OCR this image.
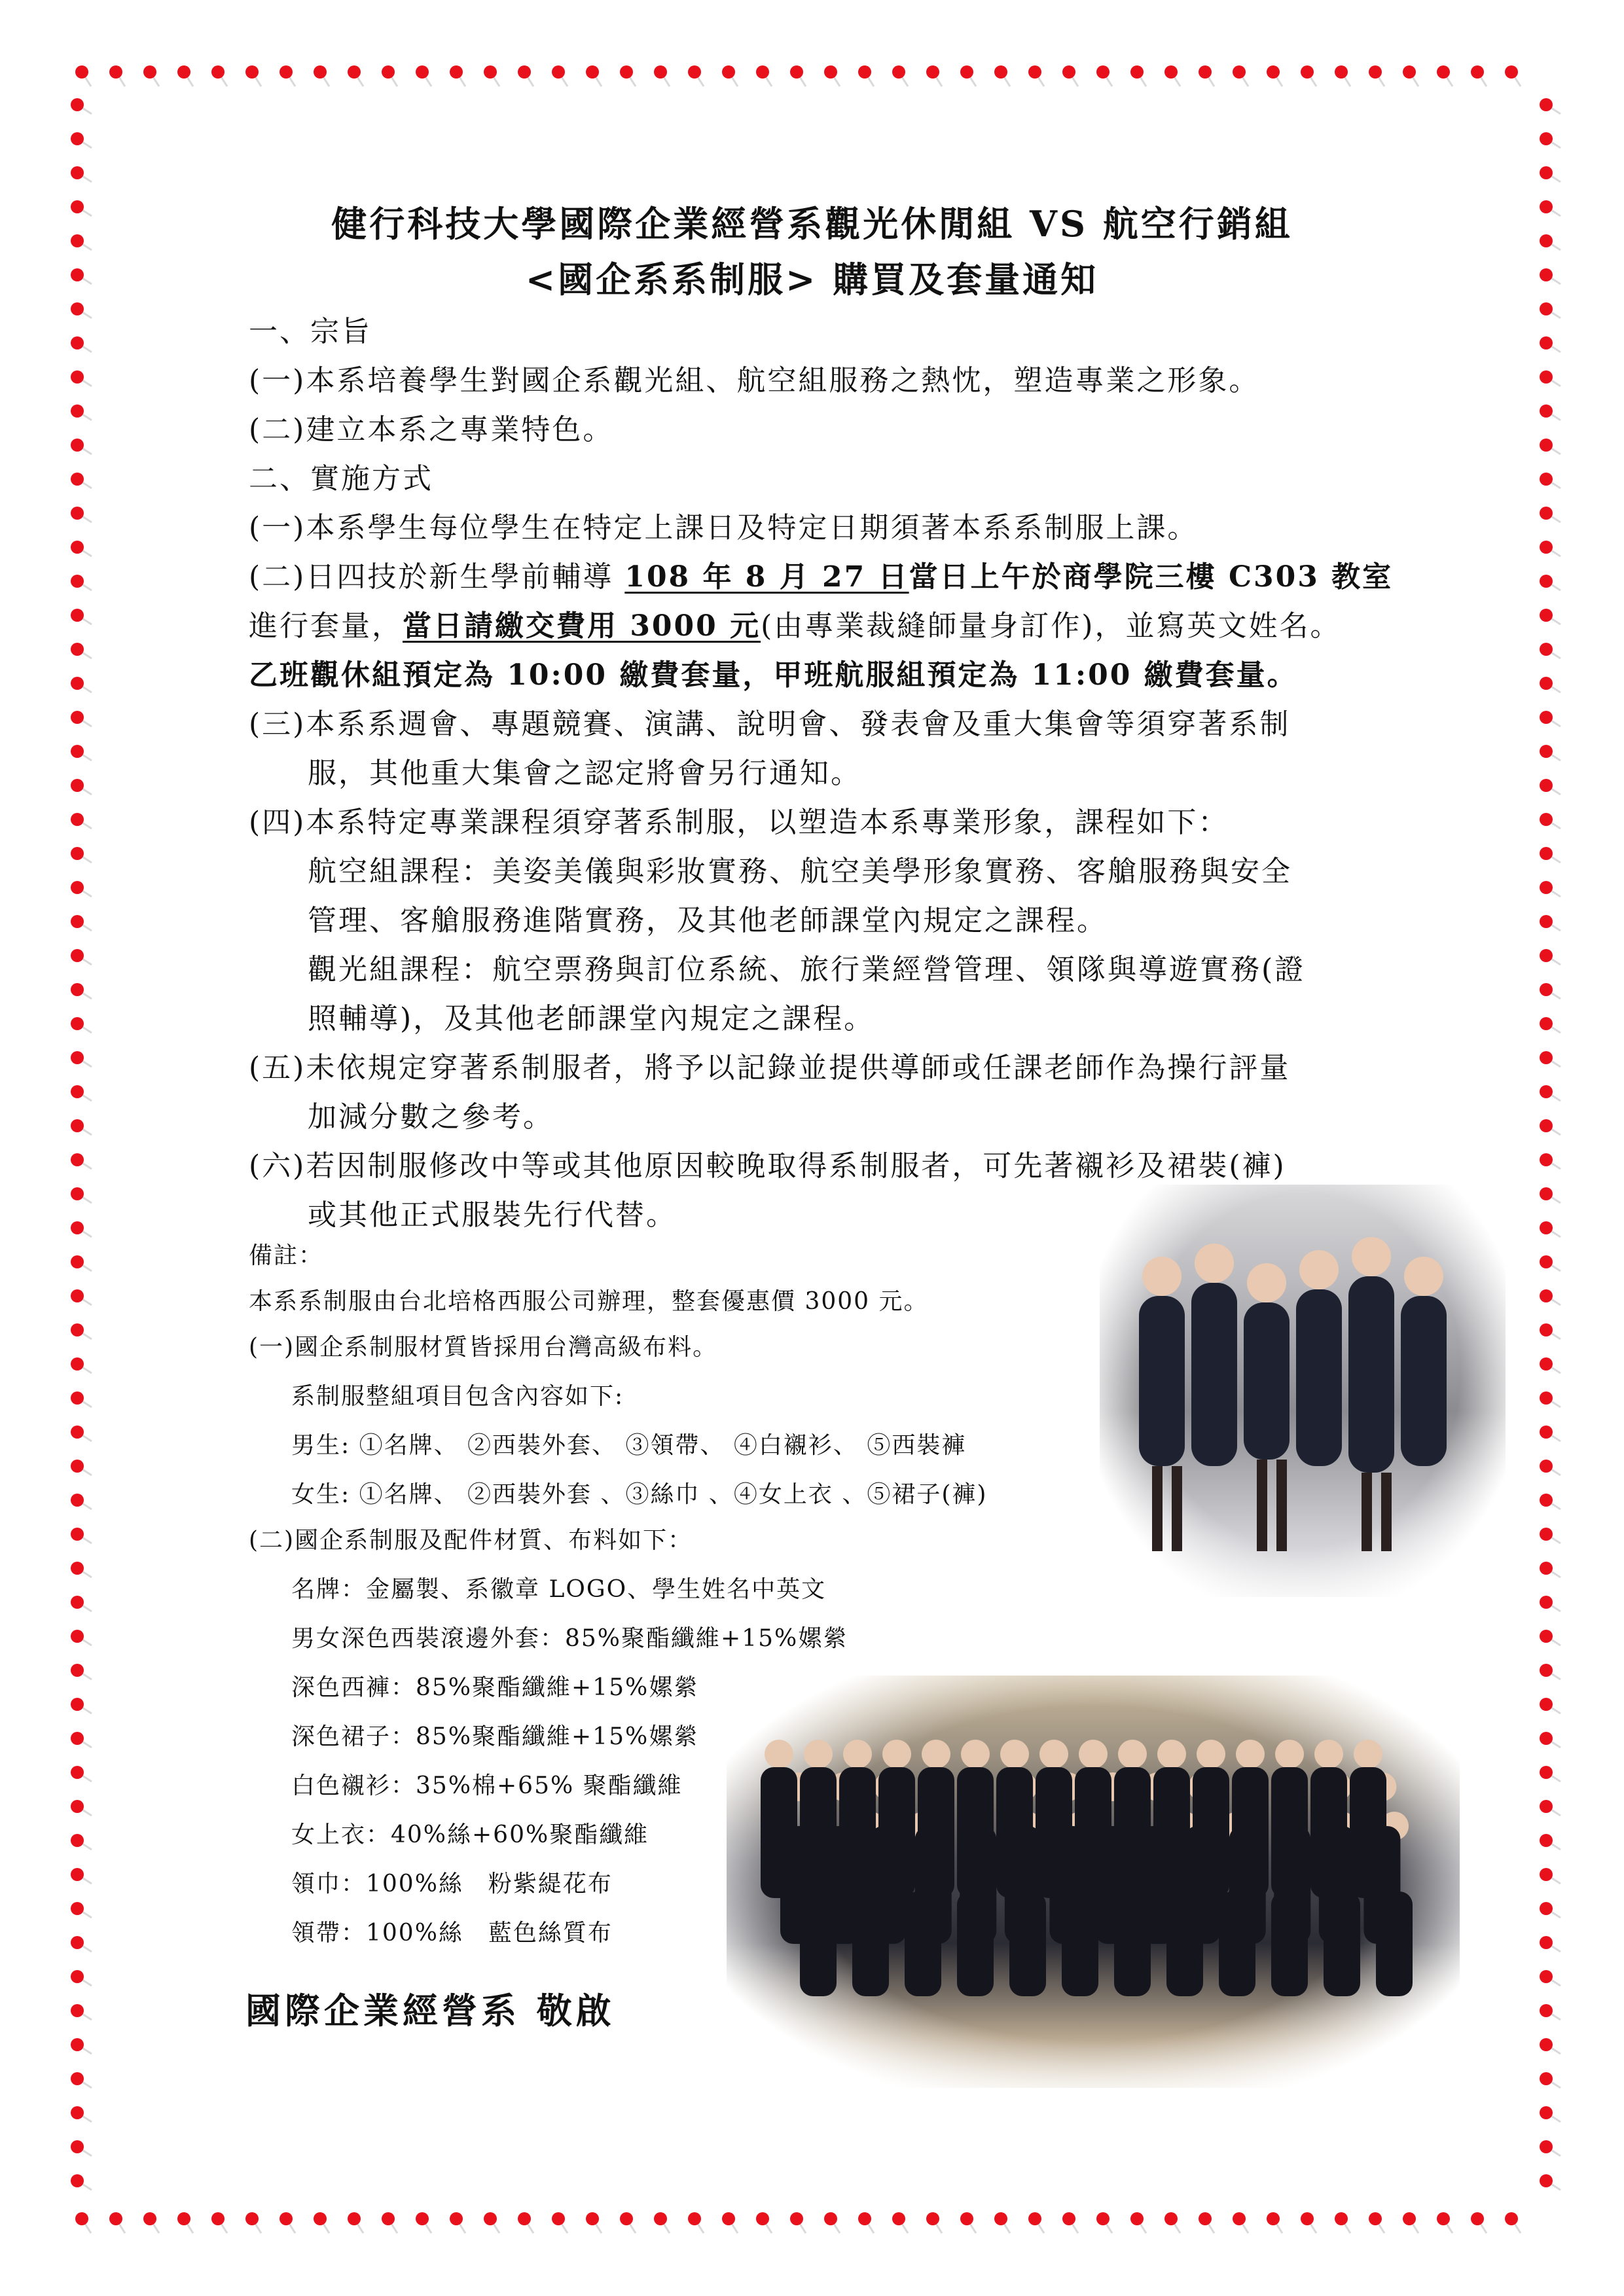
健行科技大學國際企業經營系觀光休閒組 VS 航空行銷組
<國企系系制服> 購買及套量通知
一、宗旨
(一)本系培養學生對國企系觀光組、航空組服務之熱忱，塑造專業之形象。
(二)建立本系之專業特色。
二、實施方式
(一)本系學生每位學生在特定上課日及特定日期須著本系系制服上課。
(二)日四技於新生學前輔導 108 年 8 月 27 日當日上午於商學院三樓 C303 教室
進行套量，當日請繳交費用 3000 元(由專業裁縫師量身訂作)，並寫英文姓名。
乙班觀休組預定為 10:00 繳費套量，甲班航服組預定為 11:00 繳費套量。
(三)本系系週會、專題競賽、演講、說明會、發表會及重大集會等須穿著系制
服，其他重大集會之認定將會另行通知。
(四)本系特定專業課程須穿著系制服，以塑造本系專業形象，課程如下：
航空組課程：美姿美儀與彩妝實務、航空美學形象實務、客艙服務與安全
管理、客艙服務進階實務，及其他老師課堂內規定之課程。
觀光組課程：航空票務與訂位系統、旅行業經營管理、領隊與導遊實務(證
照輔導)，及其他老師課堂內規定之課程。
(五)未依規定穿著系制服者，將予以記錄並提供導師或任課老師作為操行評量
加減分數之參考。
(六)若因制服修改中等或其他原因較晚取得系制服者，可先著襯衫及裙裝(褲)
或其他正式服裝先行代替。
備註：
本系系制服由台北培格西服公司辦理，整套優惠價 3000 元。
(一)國企系制服材質皆採用台灣高級布料。
系制服整組項目包含內容如下:
男生: ①名牌、 ②西裝外套、 ③領帶、 ④白襯衫、 ⑤西裝褲
女生: ①名牌、 ②西裝外套 、③絲巾 、④女上衣 、⑤裙子(褲)
(二)國企系制服及配件材質、布料如下：
名牌：金屬製、系徽章 LOGO、學生姓名中英文
男女深色西裝滾邊外套：85%聚酯纖維+15%嫘縈
深色西褲：85%聚酯纖維+15%嫘縈
深色裙子：85%聚酯纖維+15%嫘縈
白色襯衫：35%棉+65% 聚酯纖維
女上衣：40%絲+60%聚酯纖維
領巾：100%絲　粉紫緹花布
領帶：100%絲　藍色絲質布
國際企業經營系 敬啟
